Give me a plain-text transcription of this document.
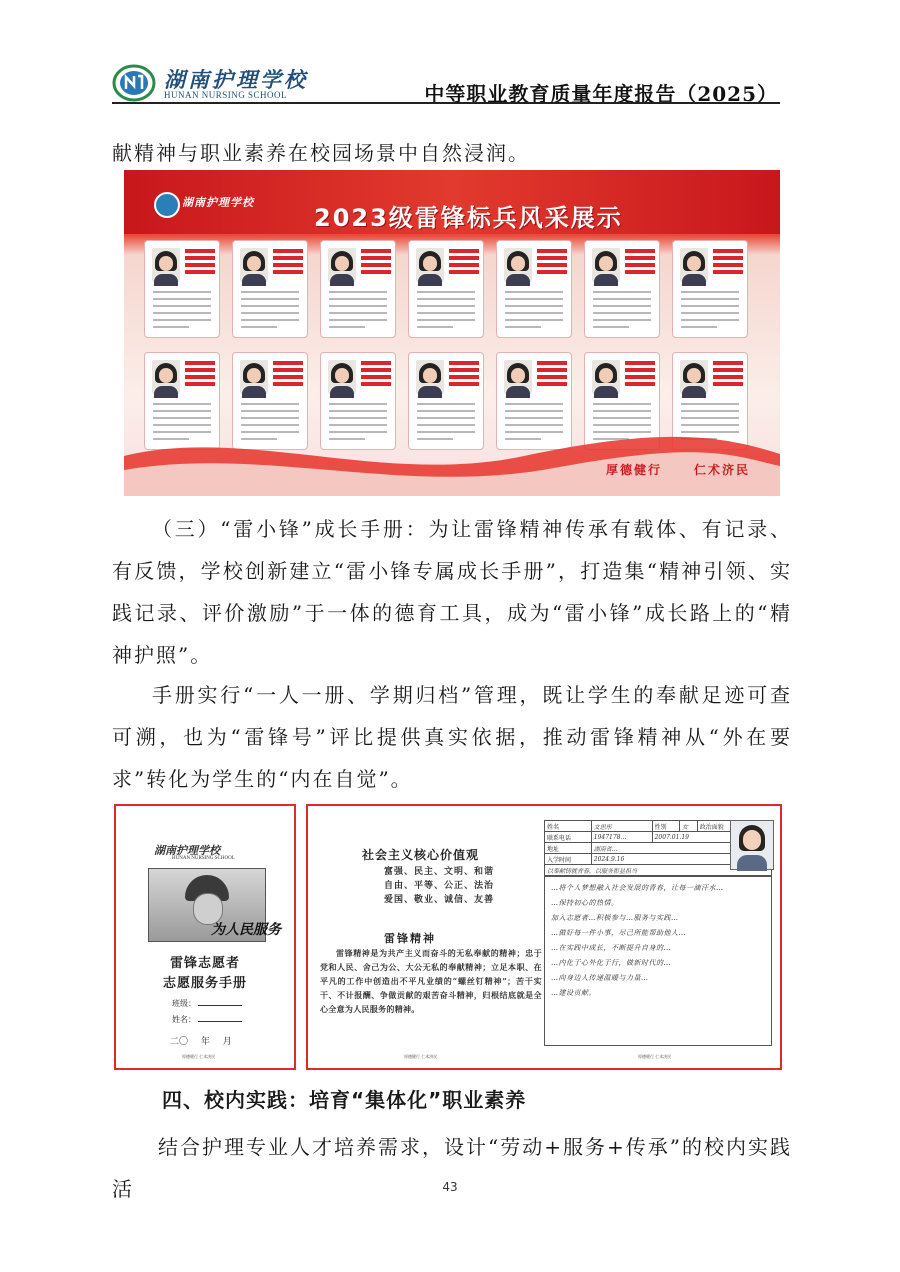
湖南护理学校
HUNAN NURSING SCHOOL	中等职业教育质量年度报告（2025）
献精神与职业素养在校园场景中自然浸润。
湖南护理学校
2023级雷锋标兵风采展示
厚德健行	仁术济民
（三）“雷小锋”成长手册：为让雷锋精神传承有载体、有记录、有反馈，学校创新建立“雷小锋专属成长手册”，打造集“精神引领、实践记录、评价激励”于一体的德育工具，成为“雷小锋”成长路上的“精神护照”。
手册实行“一人一册、学期归档”管理，既让学生的奉献足迹可查可溯，也为“雷锋号”评比提供真实依据，推动雷锋精神从“外在要求”转化为学生的“内在自觉”。
湖南护理学校
HUNAN NURSING SCHOOL
为人民服务
雷锋志愿者
志愿服务手册
班级：
姓名：
二〇 年 月
厚德健行 仁术济民
社会主义核心价值观
富强、民主、文明、和谐
自由、平等、公正、法治
爱国、敬业、诚信、友善
雷锋精神
雷锋精神是为共产主义而奋斗的无私奉献的精神；忠于党和人民、舍己为公、大公无私的奉献精神；立足本职、在平凡的工作中创造出不平凡业绩的“螺丝钉精神”；苦干实干、不计报酬、争做贡献的艰苦奋斗精神，归根结底就是全心全意为人民服务的精神。
姓名	文思彤	性别	女	政治面貌	
联系电话	1947178…	2007.01.19			
地址	湖南省…				
入学时间	2024.9.16				
以奉献铸就青春，以服务彰显担当					
…将个人梦想融入社会发展的青春，让每一滴汗水…
…保持初心的热情。
加入志愿者…积极参与…服务与实践…
…做好每一件小事，尽己所能帮助他人…
…在实践中成长，不断提升自身的…
…内化于心外化于行，做新时代的…
…向身边人传递温暖与力量…
…建设贡献。
厚德健行 仁术济民	厚德健行 仁术济民
四、校内实践：培育“集体化”职业素养
结合护理专业人才培养需求，设计“劳动+服务+传承”的校内实践活	43
